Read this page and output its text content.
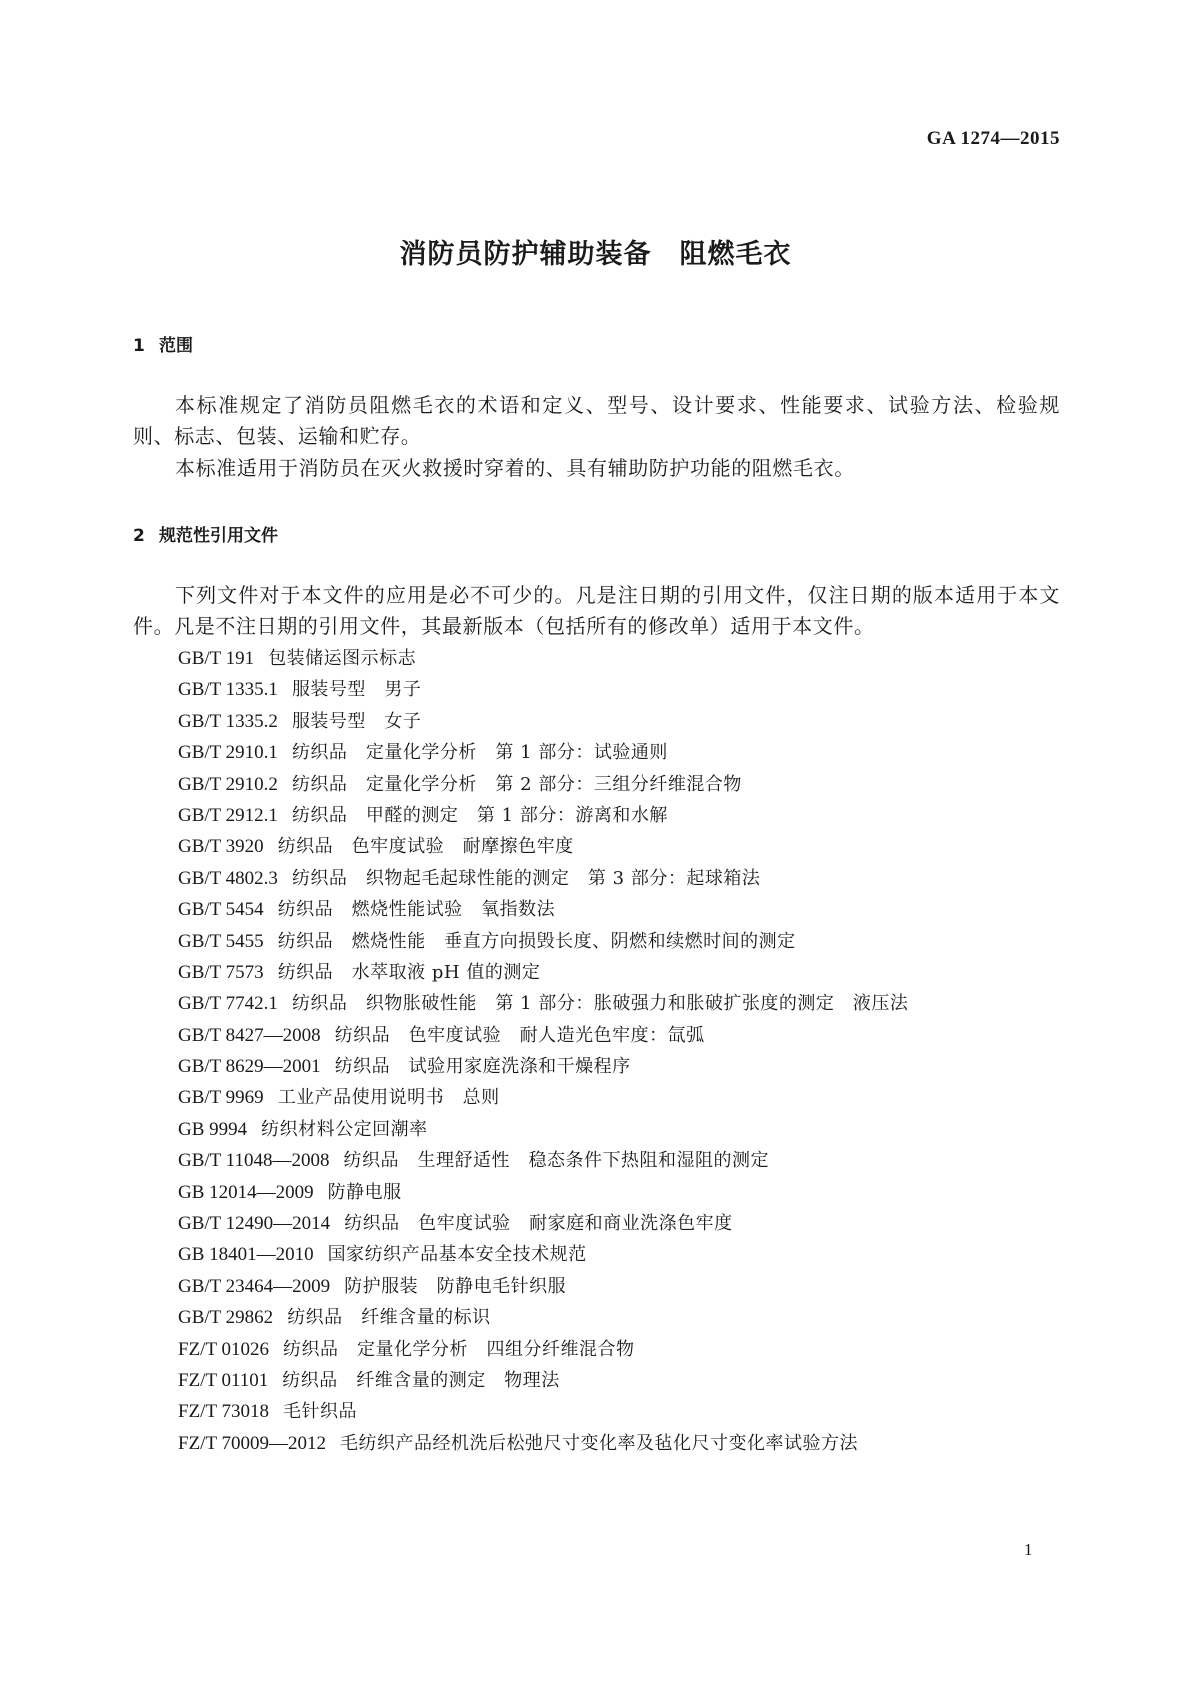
GA 1274—2015
消防员防护辅助装备　阻燃毛衣
1 范围
本标准规定了消防员阻燃毛衣的术语和定义、型号、设计要求、性能要求、试验方法、检验规则、标志、包装、运输和贮存。
本标准适用于消防员在灭火救援时穿着的、具有辅助防护功能的阻燃毛衣。
2 规范性引用文件
下列文件对于本文件的应用是必不可少的。凡是注日期的引用文件，仅注日期的版本适用于本文件。凡是不注日期的引用文件，其最新版本（包括所有的修改单）适用于本文件。
GB/T 191 包装储运图示标志
GB/T 1335.1 服装号型　男子
GB/T 1335.2 服装号型　女子
GB/T 2910.1 纺织品　定量化学分析　第 1 部分：试验通则
GB/T 2910.2 纺织品　定量化学分析　第 2 部分：三组分纤维混合物
GB/T 2912.1 纺织品　甲醛的测定　第 1 部分：游离和水解
GB/T 3920 纺织品　色牢度试验　耐摩擦色牢度
GB/T 4802.3 纺织品　织物起毛起球性能的测定　第 3 部分：起球箱法
GB/T 5454 纺织品　燃烧性能试验　氧指数法
GB/T 5455 纺织品　燃烧性能　垂直方向损毁长度、阴燃和续燃时间的测定
GB/T 7573 纺织品　水萃取液 pH 值的测定
GB/T 7742.1 纺织品　织物胀破性能　第 1 部分：胀破强力和胀破扩张度的测定　液压法
GB/T 8427—2008 纺织品　色牢度试验　耐人造光色牢度：氙弧
GB/T 8629—2001 纺织品　试验用家庭洗涤和干燥程序
GB/T 9969 工业产品使用说明书　总则
GB 9994 纺织材料公定回潮率
GB/T 11048—2008 纺织品　生理舒适性　稳态条件下热阻和湿阻的测定
GB 12014—2009 防静电服
GB/T 12490—2014 纺织品　色牢度试验　耐家庭和商业洗涤色牢度
GB 18401—2010 国家纺织产品基本安全技术规范
GB/T 23464—2009 防护服装　防静电毛针织服
GB/T 29862 纺织品　纤维含量的标识
FZ/T 01026 纺织品　定量化学分析　四组分纤维混合物
FZ/T 01101 纺织品　纤维含量的测定　物理法
FZ/T 73018 毛针织品
FZ/T 70009—2012 毛纺织产品经机洗后松弛尺寸变化率及毡化尺寸变化率试验方法
1
